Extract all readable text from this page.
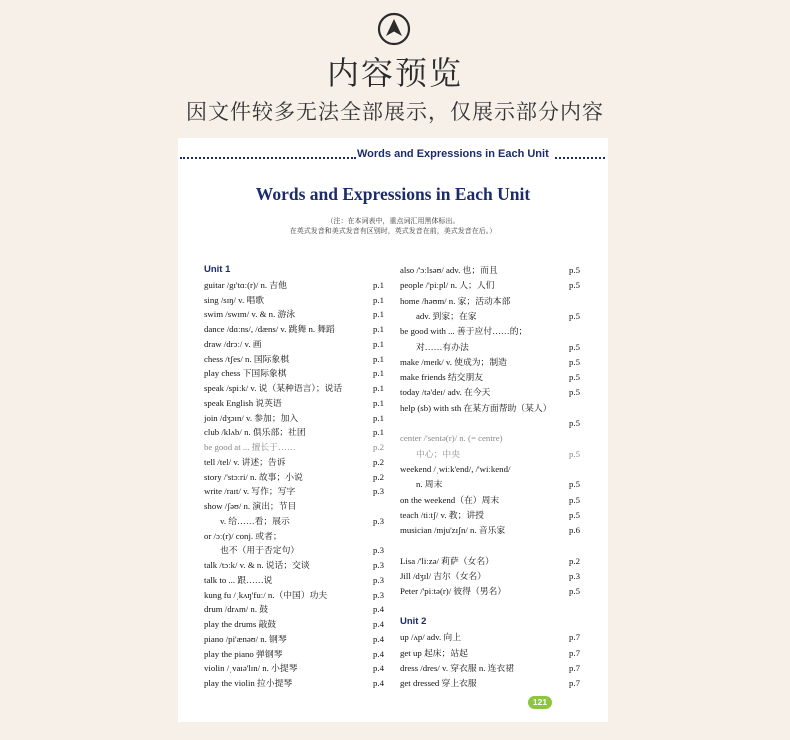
内容预览
因文件较多无法全部展示，仅展示部分内容
Words and Expressions in Each Unit
Words and Expressions in Each Unit
（注：在本词表中，重点词汇用黑体标出。
在英式发音和美式发音有区别时，英式发音在前，美式发音在后。）
Unit 1
guitar /gɪ'tɑː(r)/ n. 吉他	p.1
sing /sɪŋ/ v. 唱歌	p.1
swim /swɪm/ v. & n. 游泳	p.1
dance /dɑːns/, /dæns/ v. 跳舞 n. 舞蹈	p.1
draw /drɔː/ v. 画	p.1
chess /tʃes/ n. 国际象棋	p.1
play chess 下国际象棋	p.1
speak /spiːk/ v. 说（某种语言）；说话	p.1
speak English 说英语	p.1
join /dʒɔɪn/ v. 参加；加入	p.1
club /klʌb/ n. 俱乐部；社团	p.1
be good at ... 擅长于……	p.2
tell /tel/ v. 讲述；告诉	p.2
story /'stɔːri/ n. 故事；小说	p.2
write /raɪt/ v. 写作；写字	p.3
show /ʃəʊ/ n. 演出；节目
v. 给……看；展示	p.3
or /ɔː(r)/ conj. 或者；
也不（用于否定句）	p.3
talk /tɔːk/ v. & n. 说话；交谈	p.3
talk to ... 跟……说	p.3
kung fu /ˌkʌŋ'fuː/ n.（中国）功夫	p.3
drum /drʌm/ n. 鼓	p.4
play the drums 敲鼓	p.4
piano /pi'ænəʊ/ n. 钢琴	p.4
play the piano 弹钢琴	p.4
violin /ˌvaɪə'lɪn/ n. 小提琴	p.4
play the violin 拉小提琴	p.4
also /'ɔːlsəʊ/ adv. 也；而且	p.5
people /'piːpl/ n. 人；人们	p.5
home /həʊm/ n. 家；活动本部
adv. 到家；在家	p.5
be good with ... 善于应付……的；
对……有办法	p.5
make /meɪk/ v. 使成为；制造	p.5
make friends 结交朋友	p.5
today /tə'deɪ/ adv. 在今天	p.5
help (sb) with sth 在某方面帮助（某人）
p.5
center /'sentə(r)/ n. (= centre)
中心；中央	p.5
weekend /ˌwiːk'end/, /'wiːkend/
n. 周末	p.5
on the weekend（在）周末	p.5
teach /tiːtʃ/ v. 教；讲授	p.5
musician /mju'zɪʃn/ n. 音乐家	p.6
Lisa /'liːzə/ 莉萨（女名）	p.2
Jill /dʒɪl/ 吉尔（女名）	p.3
Peter /'piːtə(r)/ 彼得（男名）	p.5
Unit 2
up /ʌp/ adv. 向上	p.7
get up 起床；站起	p.7
dress /dres/ v. 穿衣服 n. 连衣裙	p.7
get dressed 穿上衣服	p.7
121
